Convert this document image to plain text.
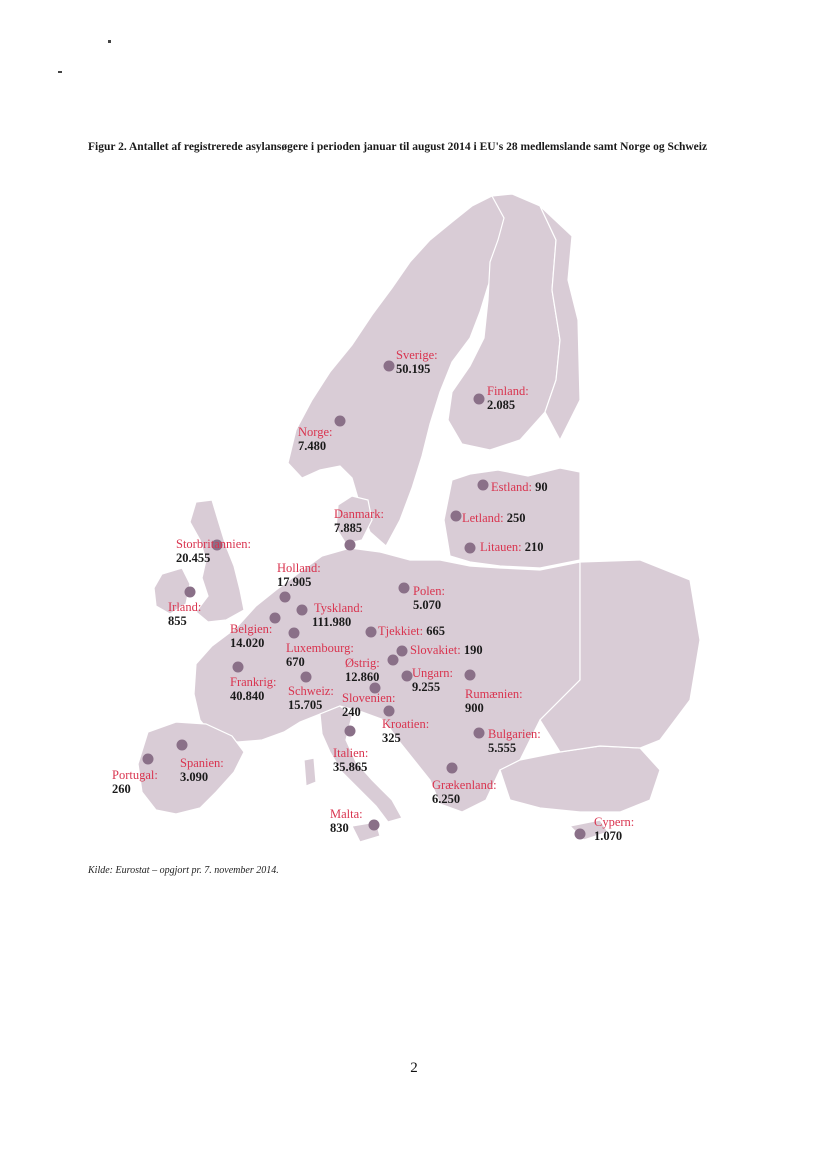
Figur 2. Antallet af registrerede asylansøgere i perioden januar til august 2014 i EU's 28 medlemslande samt Norge og Schweiz
Sverige:
50.195
Finland:
2.085
Norge:
7.480
Estland: 90
Letland: 250
Litauen: 210
Danmark:
7.885
Storbritannien:
20.455
Holland:
17.905
Polen:
5.070
Irland:
855
Tyskland:
111.980
Belgien:
14.020
Tjekkiet: 665
Slovakiet: 190
Luxembourg:
670	Østrig:
12.860	Ungarn:
9.255
Frankrig:
40.840	Schweiz:
15.705	Slovenien:
240
Rumænien:
900
Kroatien:
325	Bulgarien:
5.555
Spanien:
3.090
Italien:
35.865
Portugal:
260	Grækenland:
6.250
Malta:
830	Cypern:
1.070
Kilde: Eurostat – opgjort pr. 7. november 2014.
2
